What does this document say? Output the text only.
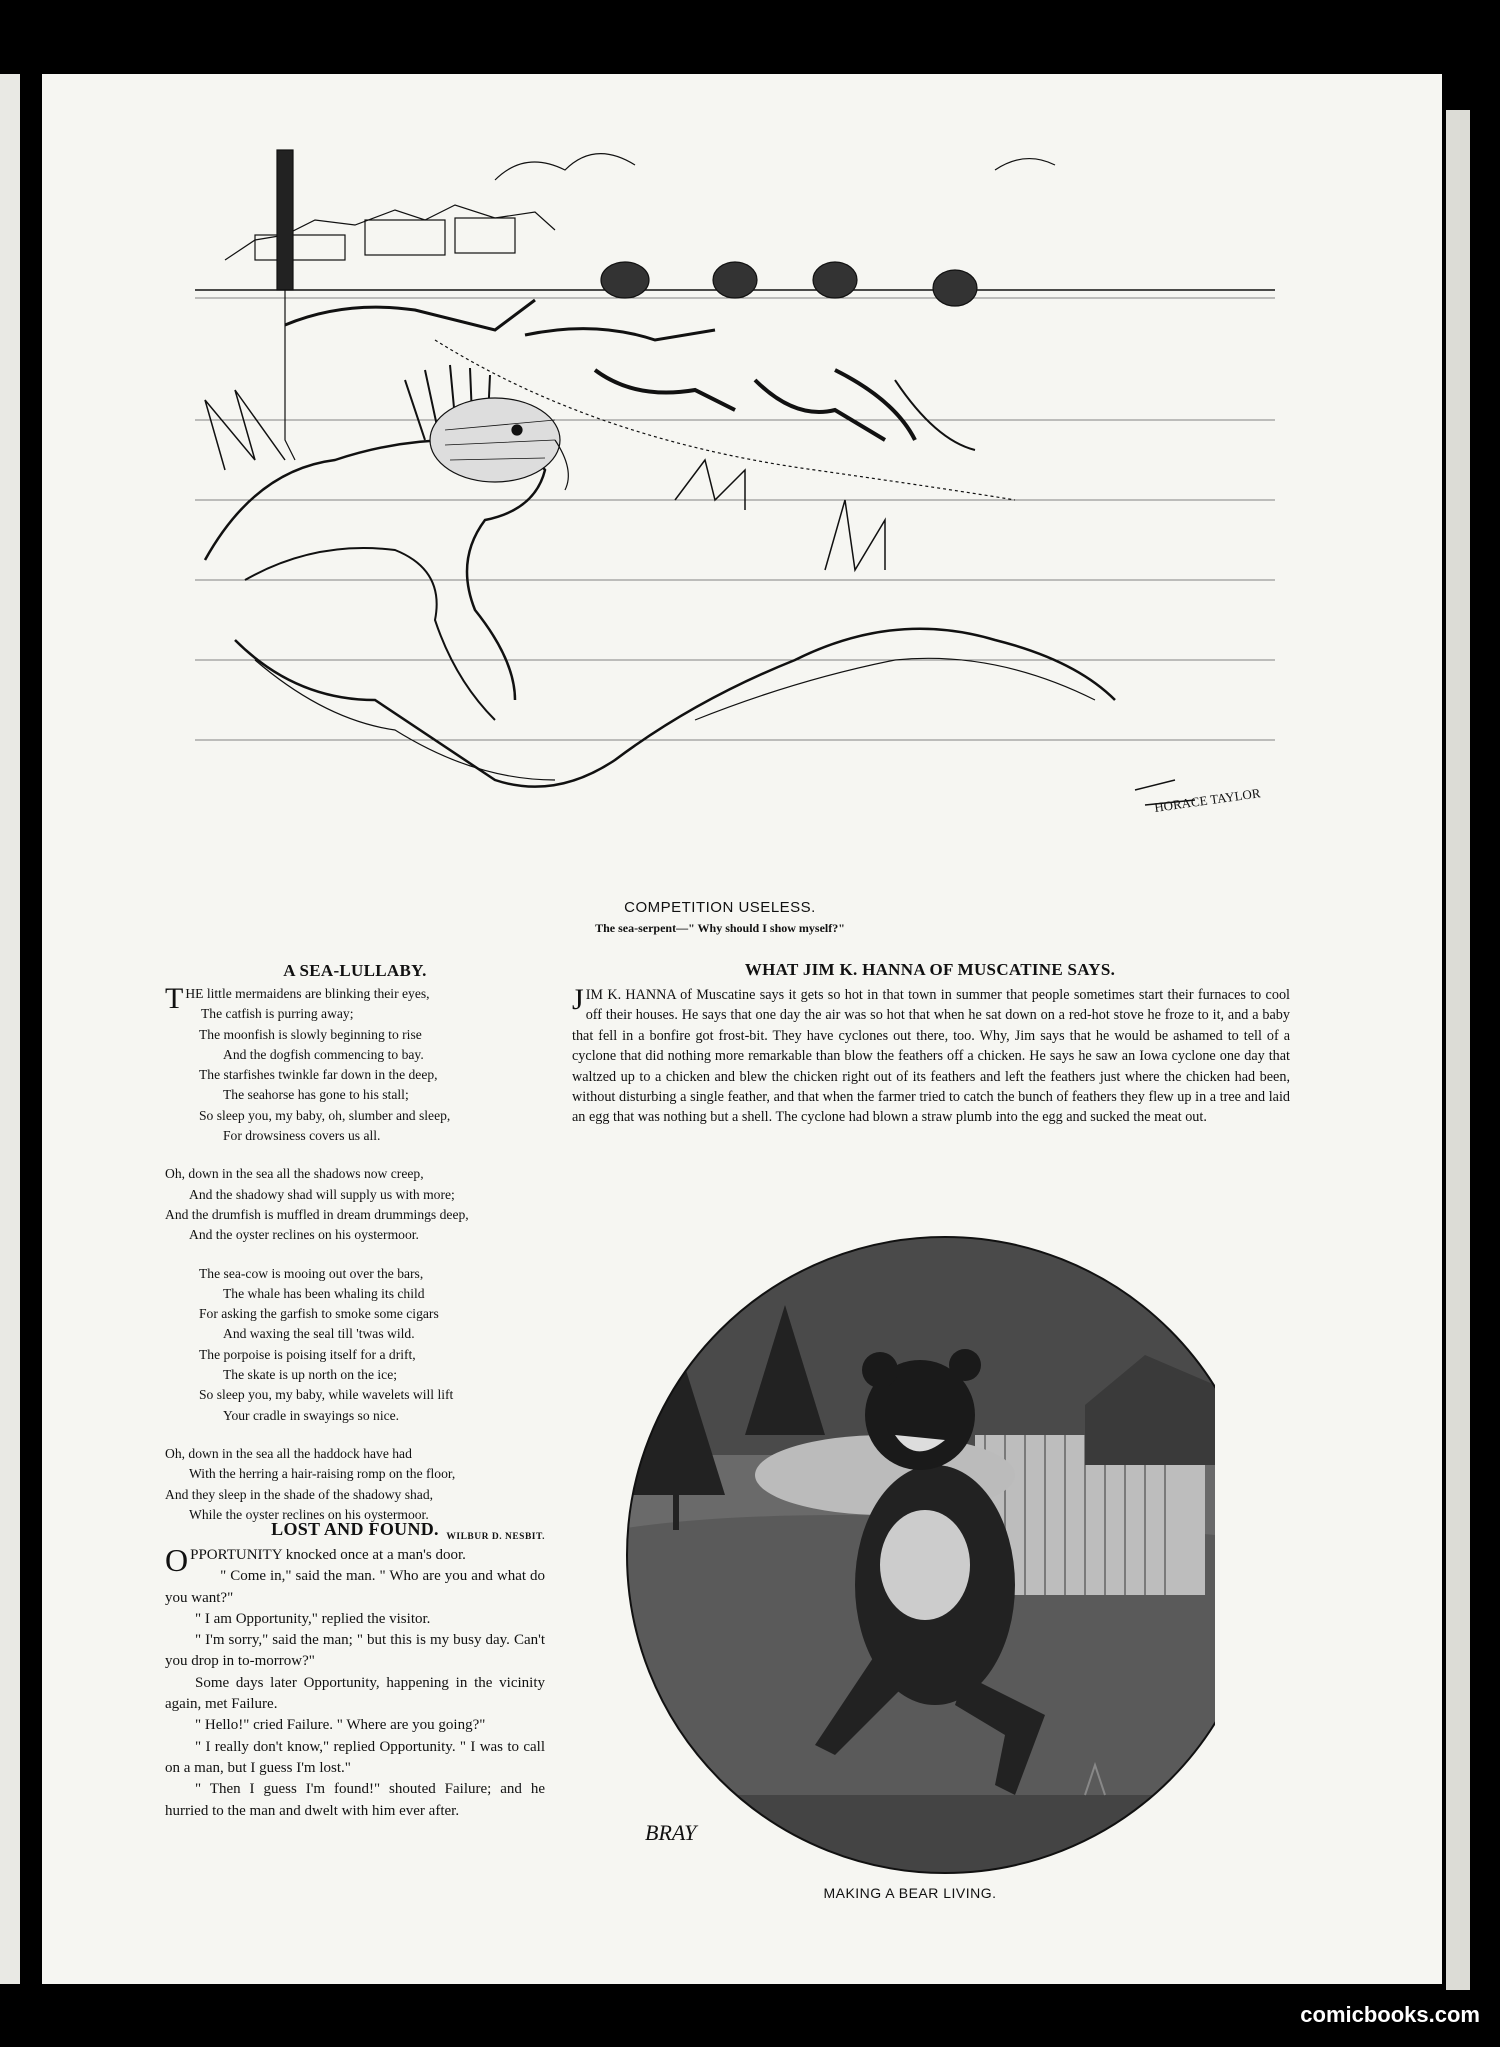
HORACE TAYLOR
COMPETITION USELESS.
The sea-serpent—" Why should I show myself?"
A SEA-LULLABY.
THE little mermaidens are blinking their eyes,
The catfish is purring away;
The moonfish is slowly beginning to rise
And the dogfish commencing to bay.
The starfishes twinkle far down in the deep,
The seahorse has gone to his stall;
So sleep you, my baby, oh, slumber and sleep,
For drowsiness covers us all.
Oh, down in the sea all the shadows now creep,
And the shadowy shad will supply us with more;
And the drumfish is muffled in dream drummings deep,
And the oyster reclines on his oystermoor.
The sea-cow is mooing out over the bars,
The whale has been whaling its child
For asking the garfish to smoke some cigars
And waxing the seal till 'twas wild.
The porpoise is poising itself for a drift,
The skate is up north on the ice;
So sleep you, my baby, while wavelets will lift
Your cradle in swayings so nice.
Oh, down in the sea all the haddock have had
With the herring a hair-raising romp on the floor,
And they sleep in the shade of the shadowy shad,
While the oyster reclines on his oystermoor.
WILBUR D. NESBIT.
LOST AND FOUND.

OPPORTUNITY knocked once at a man's door.

" Come in," said the man. " Who are you and what do you want?"

" I am Opportunity," replied the visitor.

" I'm sorry," said the man; " but this is my busy day. Can't you drop in to-morrow?"

Some days later Opportunity, happening in the vicinity again, met Failure.

" Hello!" cried Failure. " Where are you going?"

" I really don't know," replied Opportunity. " I was to call on a man, but I guess I'm lost."

" Then I guess I'm found!" shouted Failure; and he hurried to the man and dwelt with him ever after.

WHAT JIM K. HANNA OF MUSCATINE SAYS.

JIM K. HANNA of Muscatine says it gets so hot in that town in summer that people sometimes start their furnaces to cool off their houses. He says that one day the air was so hot that when he sat down on a red-hot stove he froze to it, and a baby that fell in a bonfire got frost-bit. They have cyclones out there, too. Why, Jim says that he would be ashamed to tell of a cyclone that did nothing more remarkable than blow the feathers off a chicken. He says he saw an Iowa cyclone one day that waltzed up to a chicken and blew the chicken right out of its feathers and left the feathers just where the chicken had been, without disturbing a single feather, and that when the farmer tried to catch the bunch of feathers they flew up in a tree and laid an egg that was nothing but a shell. The cyclone had blown a straw plumb into the egg and sucked the meat out.

BRAY
MAKING A BEAR LIVING.
comicbooks.com
